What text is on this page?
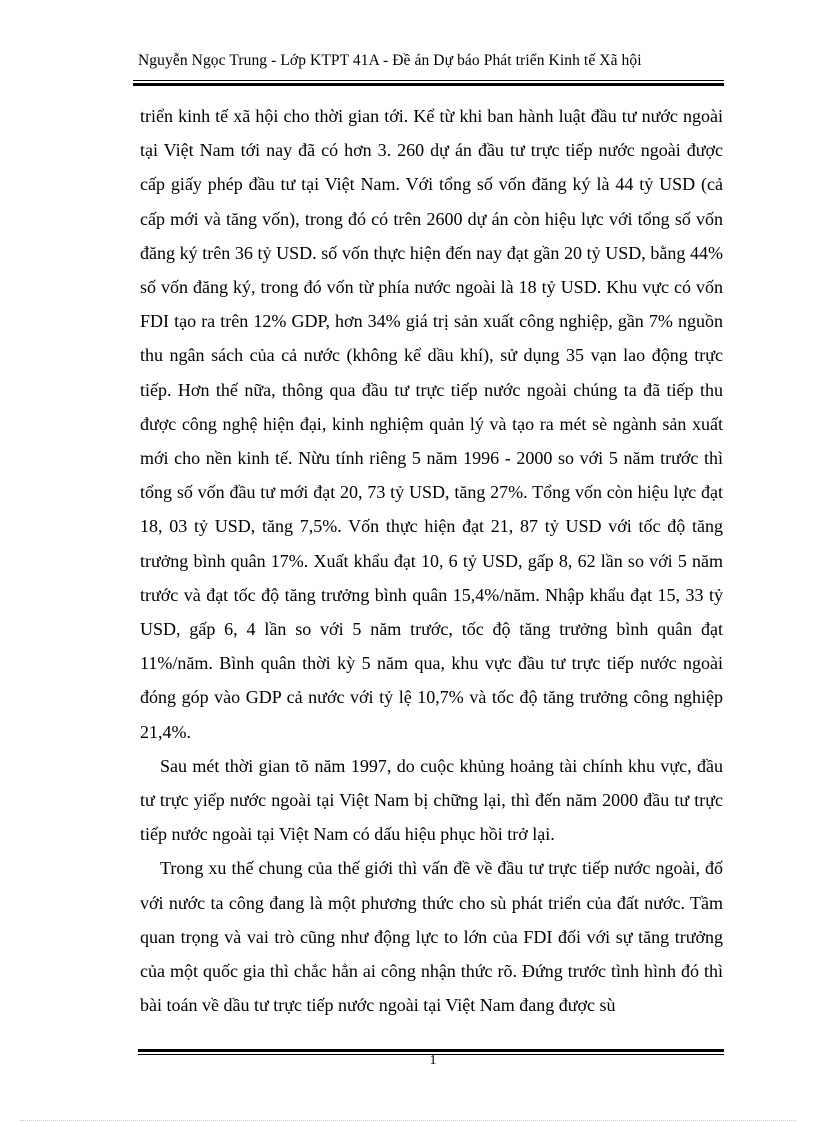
Nguyễn Ngọc Trung - Lớp KTPT 41A - Đề án Dự báo Phát triển Kinh tế Xã hội

triển kinh tế xã hội cho thời gian tới. Kể từ khi ban hành luật đầu tư nước ngoài tại Việt Nam tới nay đã có hơn 3. 260 dự án đầu tư trực tiếp nước ngoài được cấp giấy phép đầu tư tại Việt Nam. Với tổng số vốn đăng ký là 44 tỷ USD (cả cấp mới và tăng vốn), trong đó có trên 2600 dự án còn hiệu lực với tổng số vốn đăng ký trên 36 tỷ USD. số vốn thực hiện đến nay đạt gần 20 tỷ USD, bằng 44% số vốn đăng ký, trong đó vốn từ phía nước ngoài là 18 tỷ USD. Khu vực có vốn FDI tạo ra trên 12% GDP, hơn 34% giá trị sản xuất công nghiệp, gần 7% nguồn thu ngân sách của cả nước (không kể dầu khí), sử dụng 35 vạn lao động trực tiếp. Hơn thế nữa, thông qua đầu tư trực tiếp nước ngoài chúng ta đã tiếp thu được công nghệ hiện đại, kinh nghiệm quản lý và tạo ra mét sè ngành sản xuất mới cho nền kinh tế. Nừu tính riêng 5 năm 1996 - 2000 so với 5 năm trước thì tổng số vốn đầu tư mới đạt 20, 73 tỷ USD, tăng 27%. Tổng vốn còn hiệu lực đạt 18, 03 tỷ USD, tăng 7,5%. Vốn thực hiện đạt 21, 87 tỷ USD với tốc độ tăng trưởng bình quân 17%. Xuất khẩu đạt 10, 6 tỷ USD, gấp 8, 62 lần so với 5 năm trước và đạt tốc độ tăng trưởng bình quân 15,4%/năm. Nhập khẩu đạt 15, 33 tỷ USD, gấp 6, 4 lần so với 5 năm trước, tốc độ tăng trưởng bình quân đạt 11%/năm. Bình quân thời kỳ 5 năm qua, khu vực đầu tư trực tiếp nước ngoài đóng góp vào GDP cả nước với tỷ lệ 10,7% và tốc độ tăng trưởng công nghiệp 21,4%.

Sau mét thời gian tõ năm 1997, do cuộc khủng hoảng tài chính khu vực, đầu tư trực yiếp nước ngoài tại Việt Nam bị chững lại, thì đến năm 2000 đầu tư trực tiếp nước ngoài tại Việt Nam có dấu hiệu phục hồi trở lại.

Trong xu thế chung của thế giới thì vấn đề về đầu tư trực tiếp nước ngoài, đố với nước ta công đang là một phương thức cho sù phát triển của đất nước. Tầm quan trọng và vai trò cũng như động lực to lớn của FDI đối với sự tăng trưởng của một quốc gia thì chắc hẳn ai công nhận thức rõ. Đứng trước tình hình đó thì bài toán về dầu tư trực tiếp nước ngoài tại Việt Nam đang được sù

1
